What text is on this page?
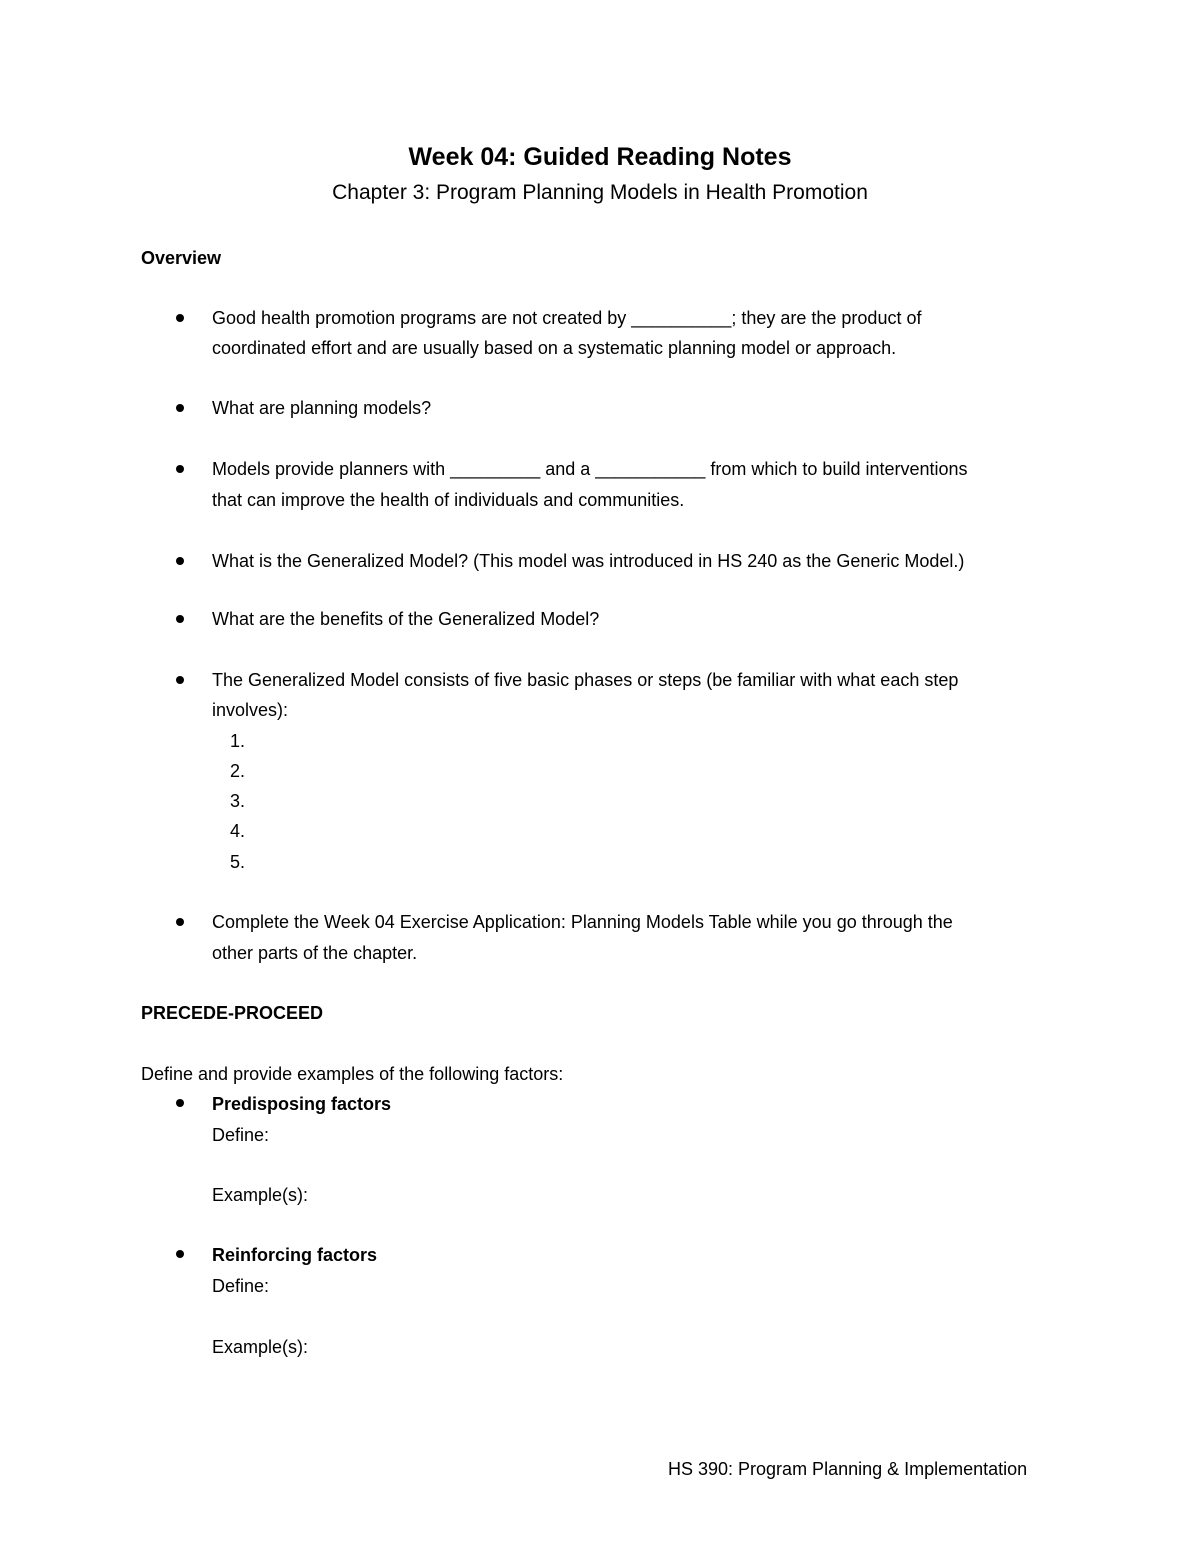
Week 04: Guided Reading Notes
Chapter 3: Program Planning Models in Health Promotion
Overview
Good health promotion programs are not created by __________; they are the product of
coordinated effort and are usually based on a systematic planning model or approach.
What are planning models?
Models provide planners with _________ and a ___________ from which to build interventions
that can improve the health of individuals and communities.
What is the Generalized Model? (This model was introduced in HS 240 as the Generic Model.)
What are the benefits of the Generalized Model?
The Generalized Model consists of five basic phases or steps (be familiar with what each step
involves):
1.
2.
3.
4.
5.
Complete the Week 04 Exercise Application: Planning Models Table while you go through the
other parts of the chapter.
PRECEDE-PROCEED
Define and provide examples of the following factors:
Predisposing factors
Define:
Example(s):
Reinforcing factors
Define:
Example(s):
HS 390: Program Planning & Implementation
